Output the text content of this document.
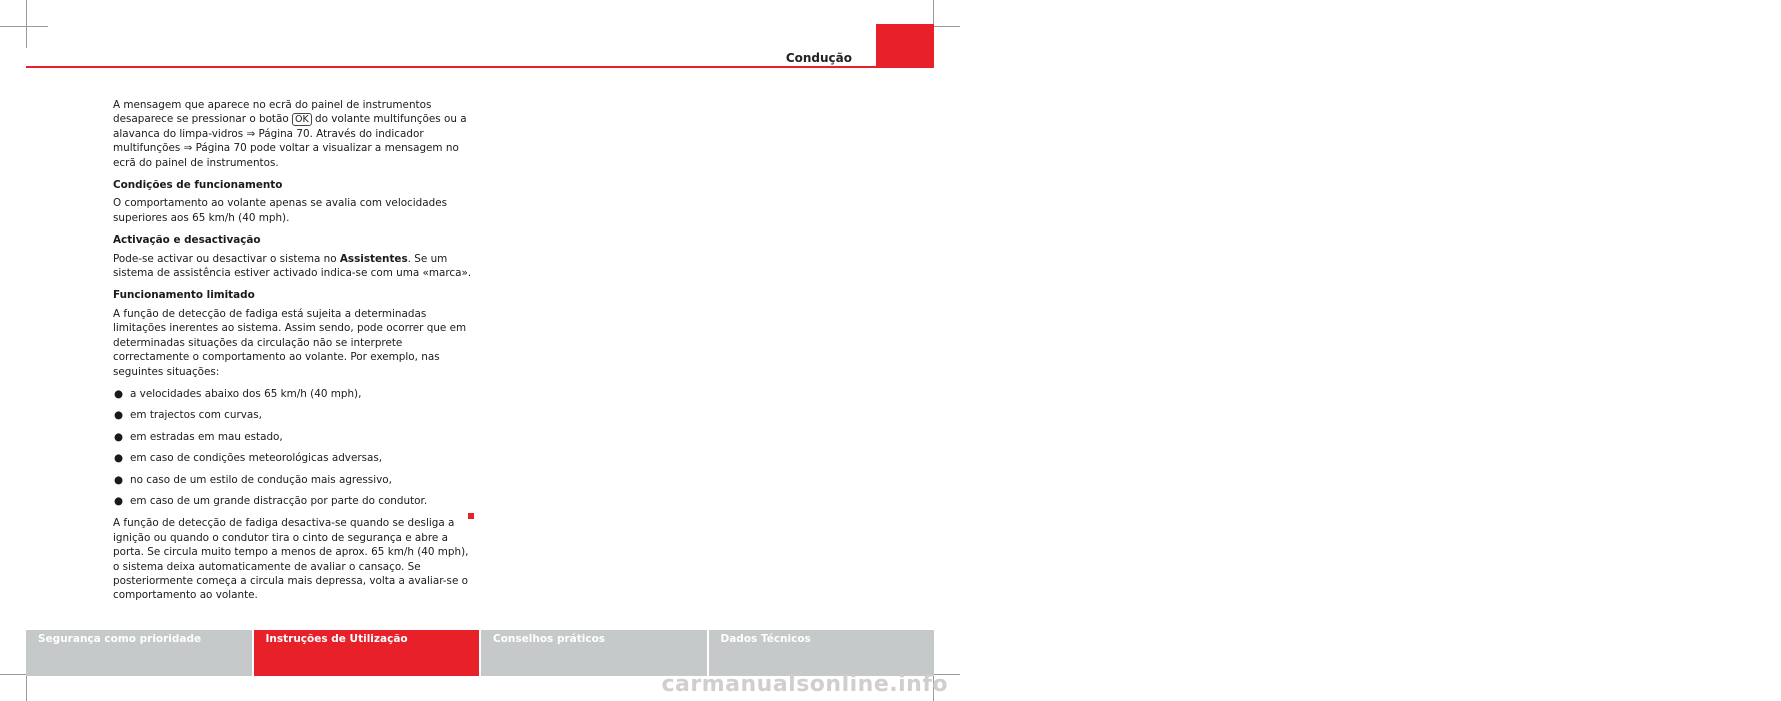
Condução	233

A mensagem que aparece no ecrã do painel de instrumentos desaparece se pressionar o botão OK do volante multifunções ou a alavanca do limpa-vidros ⇒ Página 70. Através do indicador multifunções ⇒ Página 70 pode voltar a visualizar a mensagem no ecrã do painel de instrumentos.

Condições de funcionamento

O comportamento ao volante apenas se avalia com velocidades superiores aos 65 km/h (40 mph).

Activação e desactivação

Pode-se activar ou desactivar o sistema no Assistentes. Se um sistema de assistência estiver activado indica-se com uma «marca».

Funcionamento limitado

A função de detecção de fadiga está sujeita a determinadas limitações inerentes ao sistema. Assim sendo, pode ocorrer que em determinadas situações da circulação não se interprete correctamente o comportamento ao volante. Por exemplo, nas seguintes situações:

● a velocidades abaixo dos 65 km/h (40 mph),
● em trajectos com curvas,
● em estradas em mau estado,
● em caso de condições meteorológicas adversas,
● no caso de um estilo de condução mais agressivo,
● em caso de um grande distracção por parte do condutor.

A função de detecção de fadiga desactiva-se quando se desliga a ignição ou quando o condutor tira o cinto de segurança e abre a porta. Se circula muito tempo a menos de aprox. 65 km/h (40 mph), o sistema deixa automaticamente de avaliar o cansaço. Se posteriormente começa a circula mais depressa, volta a avaliar-se o comportamento ao volante.

Segurança como prioridade	Instruções de Utilização	Conselhos práticos	Dados Técnicos
carmanualsonline.info
